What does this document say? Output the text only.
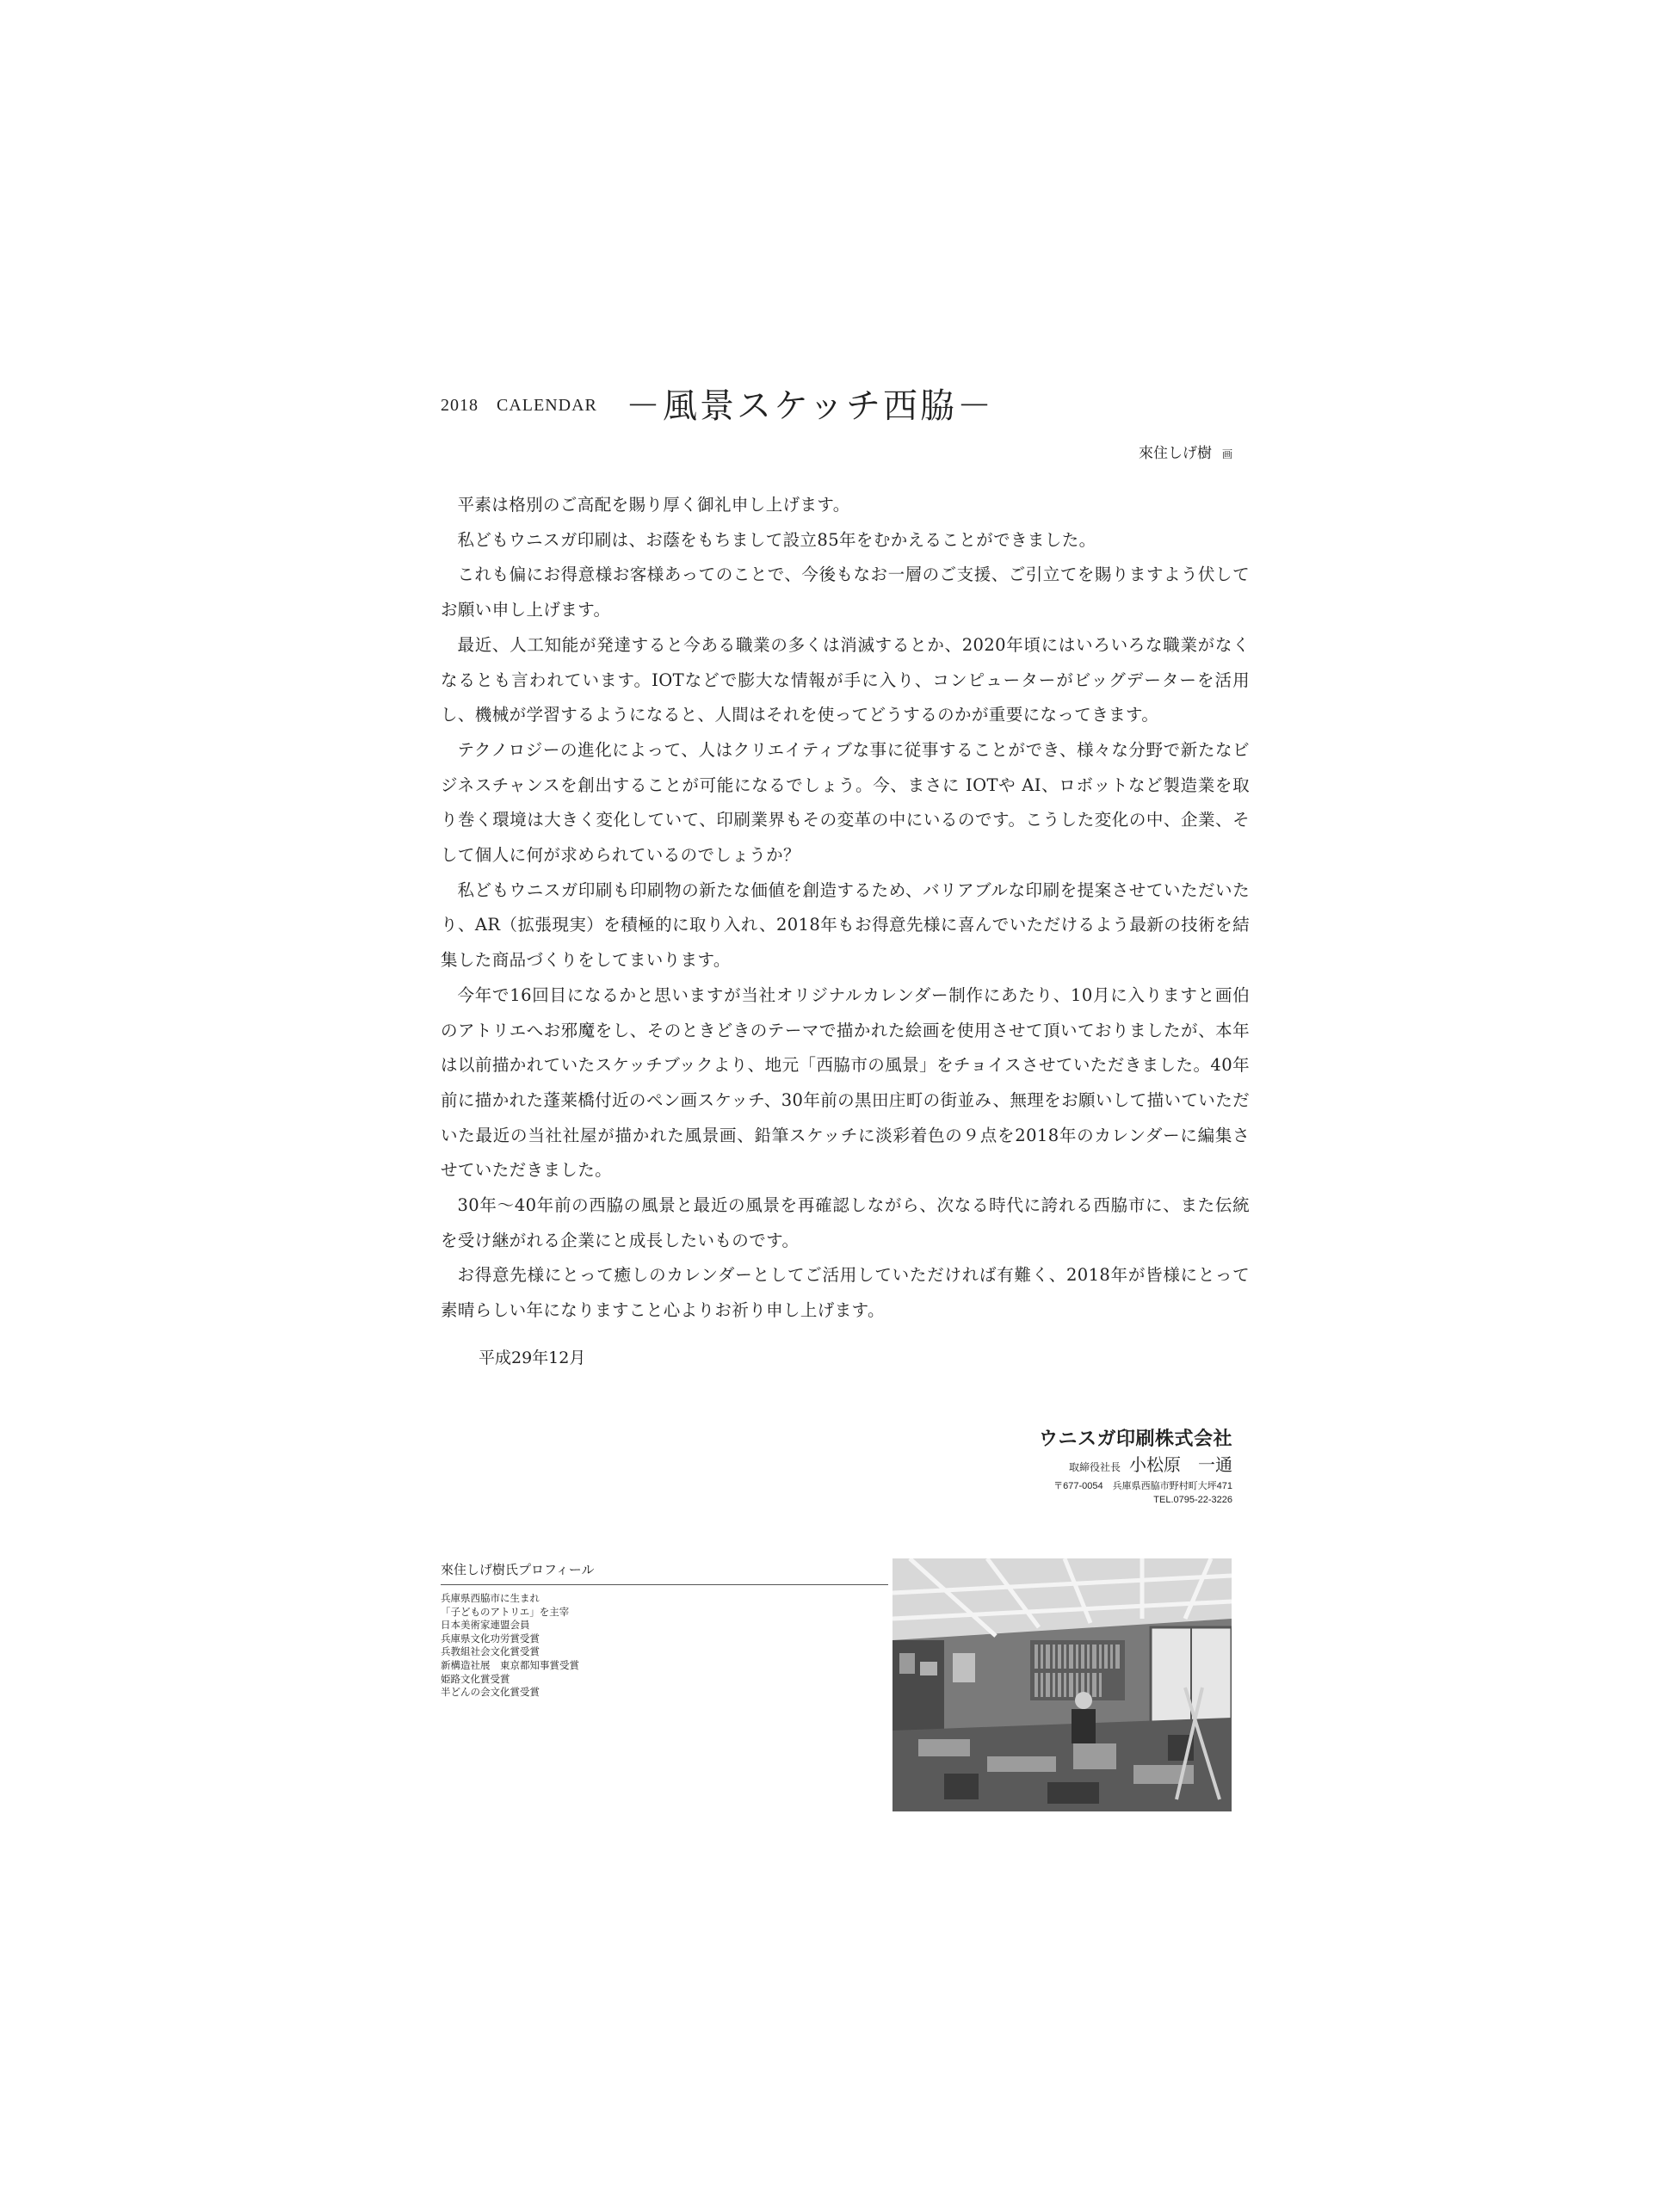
2018　CALENDAR －風景スケッチ西脇－
來住しげ樹 画

平素は格別のご高配を賜り厚く御礼申し上げます。

私どもウニスガ印刷は、お蔭をもちまして設立85年をむかえることができました。

これも偏にお得意様お客様あってのことで、今後もなお一層のご支援、ご引立てを賜りますよう伏してお願い申し上げます。

最近、人工知能が発達すると今ある職業の多くは消滅するとか、2020年頃にはいろいろな職業がなくなるとも言われています。IOTなどで膨大な情報が手に入り、コンピューターがビッグデーターを活用し、機械が学習するようになると、人間はそれを使ってどうするのかが重要になってきます。

テクノロジーの進化によって、人はクリエイティブな事に従事することができ、様々な分野で新たなビジネスチャンスを創出することが可能になるでしょう。今、まさに IOTや AI、ロボットなど製造業を取り巻く環境は大きく変化していて、印刷業界もその変革の中にいるのです。こうした変化の中、企業、そして個人に何が求められているのでしょうか？

私どもウニスガ印刷も印刷物の新たな価値を創造するため、バリアブルな印刷を提案させていただいたり、AR（拡張現実）を積極的に取り入れ、2018年もお得意先様に喜んでいただけるよう最新の技術を結集した商品づくりをしてまいります。

今年で16回目になるかと思いますが当社オリジナルカレンダー制作にあたり、10月に入りますと画伯のアトリエへお邪魔をし、そのときどきのテーマで描かれた絵画を使用させて頂いておりましたが、本年は以前描かれていたスケッチブックより、地元「西脇市の風景」をチョイスさせていただきました。40年前に描かれた蓬莱橋付近のペン画スケッチ、30年前の黒田庄町の街並み、無理をお願いして描いていただいた最近の当社社屋が描かれた風景画、鉛筆スケッチに淡彩着色の９点を2018年のカレンダーに編集させていただきました。

30年～40年前の西脇の風景と最近の風景を再確認しながら、次なる時代に誇れる西脇市に、また伝統を受け継がれる企業にと成長したいものです。

お得意先様にとって癒しのカレンダーとしてご活用していただければ有難く、2018年が皆様にとって素晴らしい年になりますこと心よりお祈り申し上げます。

平成29年12月
ウニスガ印刷株式会社
取締役社長 小松原　一通
〒677-0054　兵庫県西脇市野村町大坪471
TEL.0795-22-3226
來住しげ樹氏プロフィール
兵庫県西脇市に生まれ
「子どものアトリエ」を主宰
日本美術家連盟会員
兵庫県文化功労賞受賞
兵教組社会文化賞受賞
新構造社展　東京都知事賞受賞
姫路文化賞受賞
半どんの会文化賞受賞
